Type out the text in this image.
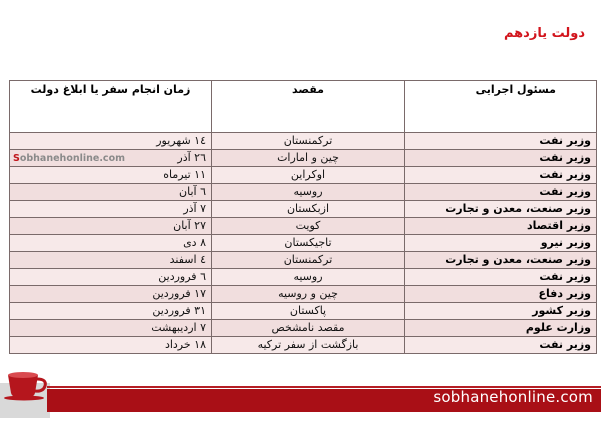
دولت یازدهم
مسئول اجرایی	مقصد	زمان انجام سفر یا ابلاغ دولت
وزیر نفت	ترکمنستان	١٤ شهریور
وزیر نفت	چین و امارات	٢٦ آذر
وزیر نفت	اوکراین	١١ تیرماه
وزیر نفت	روسیه	٦ آبان
وزیر صنعت، معدن و تجارت	ازبکستان	٧ آذر
وزیر اقتصاد	کویت	٢٧ آبان
وزیر نیرو	تاجیکستان	٨ دی
وزیر صنعت، معدن و تجارت	ترکمنستان	٤ اسفند
وزیر نفت	روسیه	٦ فروردین
وزیر دفاع	چین و روسیه	١٧ فروردین
وزیر کشور	پاکستان	٣١ فروردین
وزارت علوم	مقصد نامشخص	٧ اردیبهشت
وزیر نفت	بازگشت از سفر ترکیه	١٨ خرداد
Sobhanehonline.com
sobhanehonline.com
